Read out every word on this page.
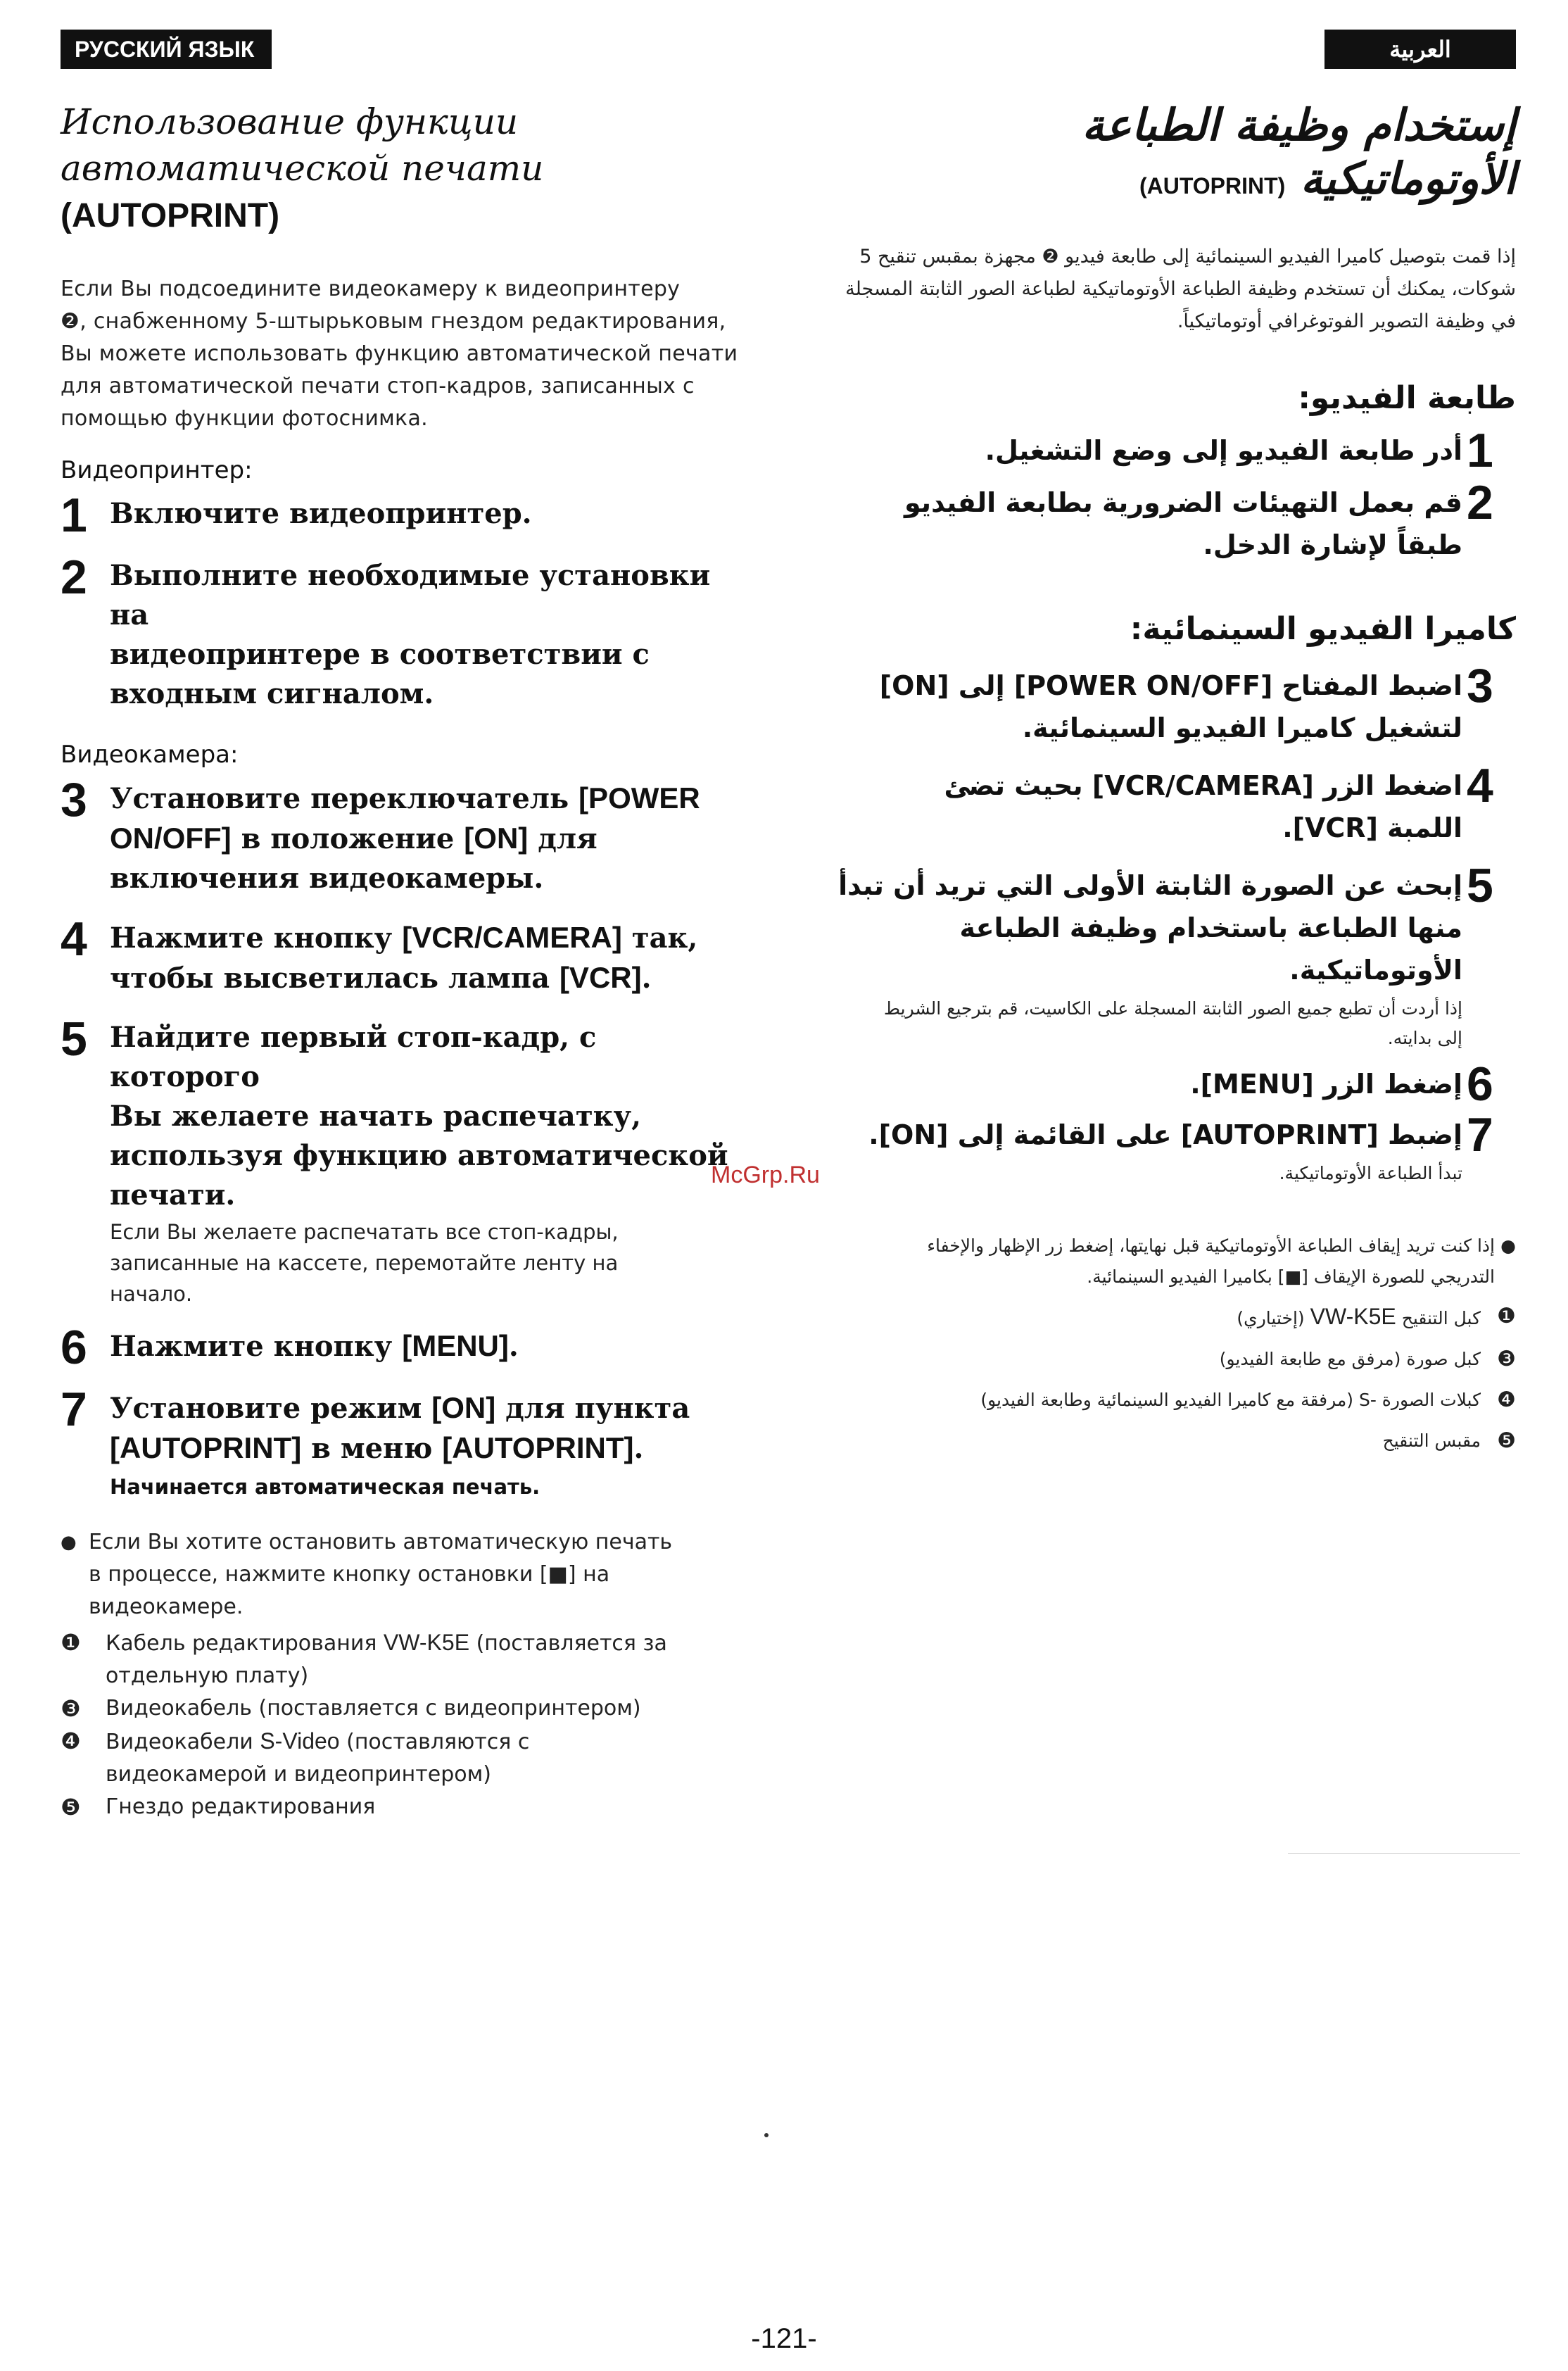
РУССКИЙ ЯЗЫК	العربية
Использование функции
автоматической печати (AUTOPRINT)

Если Вы подсоедините видеокамеру к видеопринтеру
❷, снабженному 5-штырьковым гнездом редактирования, Вы можете использовать функцию автоматической печати для автоматической печати стоп-кадров, записанных с помощью функции фотоснимка.

Видеопринтер:
1 Включите видеопринтер.
2 Выполните необходимые установки на
видеопринтере в соответствии с
входным сигналом.
Видеокамера:
3 Установите переключатель [POWER
ON/OFF] в положение [ON] для
включения видеокамеры.
4 Нажмите кнопку [VCR/CAMERA] так,
чтобы высветилась лампа [VCR].
5 Найдите первый стоп-кадр, с которого
Вы желаете начать распечатку,
используя функцию автоматической
печати.
Если Вы желаете распечатать все стоп-кадры,
записанные на кассете, перемотайте ленту на
начало.
6 Нажмите кнопку [MENU].
7 Установите режим [ON] для пункта
[AUTOPRINT] в меню [AUTOPRINT].
Начинается автоматическая печать.
● Если Вы хотите остановить автоматическую печать
в процессе, нажмите кнопку остановки [■] на
видеокамере.
❶	Кабель редактирования VW-K5E (поставляется за
отдельную плату)
❸	Видеокабель (поставляется с видеопринтером)
❹	Видеокабели S-Video (поставляются с
видеокамерой и видеопринтером)
❺	Гнездо редактирования
إستخدام وظيفة الطباعة
الأوتوماتيكية (AUTOPRINT)

إذا قمت بتوصيل كاميرا الفيديو السينمائية إلى طابعة فيديو ❷ مجهزة بمقبس تنقيح 5
شوكات، يمكنك أن تستخدم وظيفة الطباعة الأوتوماتيكية لطباعة الصور الثابتة المسجلة
في وظيفة التصوير الفوتوغرافي أوتوماتيكياً.

طابعة الفيديو:
1
أدر طابعة الفيديو إلى وضع التشغيل.
2
قم بعمل التهيئات الضرورية بطابعة الفيديو
طبقاً لإشارة الدخل.
كاميرا الفيديو السينمائية:
3
اضبط المفتاح [POWER ON/OFF] إلى [ON]
لتشغيل كاميرا الفيديو السينمائية.
4
اضغط الزر [VCR/CAMERA] بحيث تضئ
اللمبة [VCR].
5
إبحث عن الصورة الثابتة الأولى التي تريد أن تبدأ
منها الطباعة باستخدام وظيفة الطباعة
الأوتوماتيكية.
إذا أردت أن تطبع جميع الصور الثابتة المسجلة على الكاسيت، قم بترجيع الشريط
إلى بدايته.
6
إضغط الزر [MENU].
7
إضبط [AUTOPRINT] على القائمة إلى [ON].
تبدأ الطباعة الأوتوماتيكية.
●
إذا كنت تريد إيقاف الطباعة الأوتوماتيكية قبل نهايتها، إضغط زر الإظهار والإخفاء
التدريجي للصورة الإيقاف [■] بكاميرا الفيديو السينمائية.
❶
كبل التنقيح VW-K5E (إختياري)
❸
كبل صورة (مرفق مع طابعة الفيديو)
❹
كبلات الصورة -S (مرفقة مع كاميرا الفيديو السينمائية وطابعة الفيديو)
❺
مقبس التنقيح
McGrp.Ru
-121-
